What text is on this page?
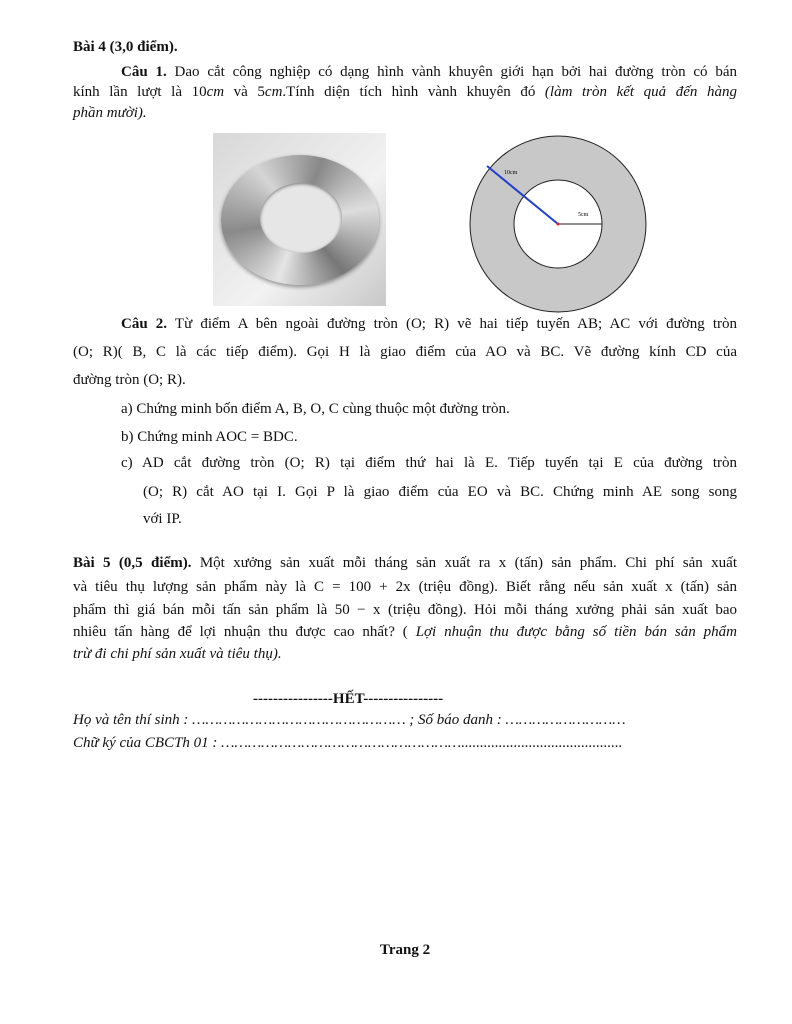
Bài 4 (3,0 điểm).
Câu 1. Dao cắt công nghiệp có dạng hình vành khuyên giới hạn bởi hai đường tròn có bán
kính lần lượt là 10cm và 5cm.Tính diện tích hình vành khuyên đó (làm tròn kết quả đến hàng
phần mười).
10cm
5cm
Câu 2. Từ điểm A bên ngoài đường tròn (O; R) vẽ hai tiếp tuyến AB; AC với đường tròn
(O; R)( B, C là các tiếp điểm). Gọi H là giao điểm của AO và BC. Vẽ đường kính CD của
đường tròn (O; R).
a) Chứng minh bốn điểm A, B, O, C cùng thuộc một đường tròn.
b) Chứng minh AOC = BDC.
c) AD cắt đường tròn (O; R) tại điểm thứ hai là E. Tiếp tuyến tại E của đường tròn
(O; R) cắt AO tại I. Gọi P là giao điểm của EO và BC. Chứng minh AE song song
với IP.
Bài 5 (0,5 điểm). Một xưởng sản xuất mỗi tháng sản xuất ra x (tấn) sản phẩm. Chi phí sản xuất
và tiêu thụ lượng sản phẩm này là C = 100 + 2x (triệu đồng). Biết rằng nếu sản xuất x (tấn) sản
phẩm thì giá bán mỗi tấn sản phẩm là 50 − x (triệu đồng). Hỏi mỗi tháng xưởng phải sản xuất bao
nhiêu tấn hàng để lợi nhuận thu được cao nhất? ( Lợi nhuận thu được bằng số tiền bán sản phẩm
trừ đi chi phí sản xuất và tiêu thụ).
----------------HẾT----------------
Họ và tên thí sinh : ………………………………………… ; Số báo danh : ………………………
Chữ ký của CBCTh 01 : ………………………………………………...........................................
Trang 2
